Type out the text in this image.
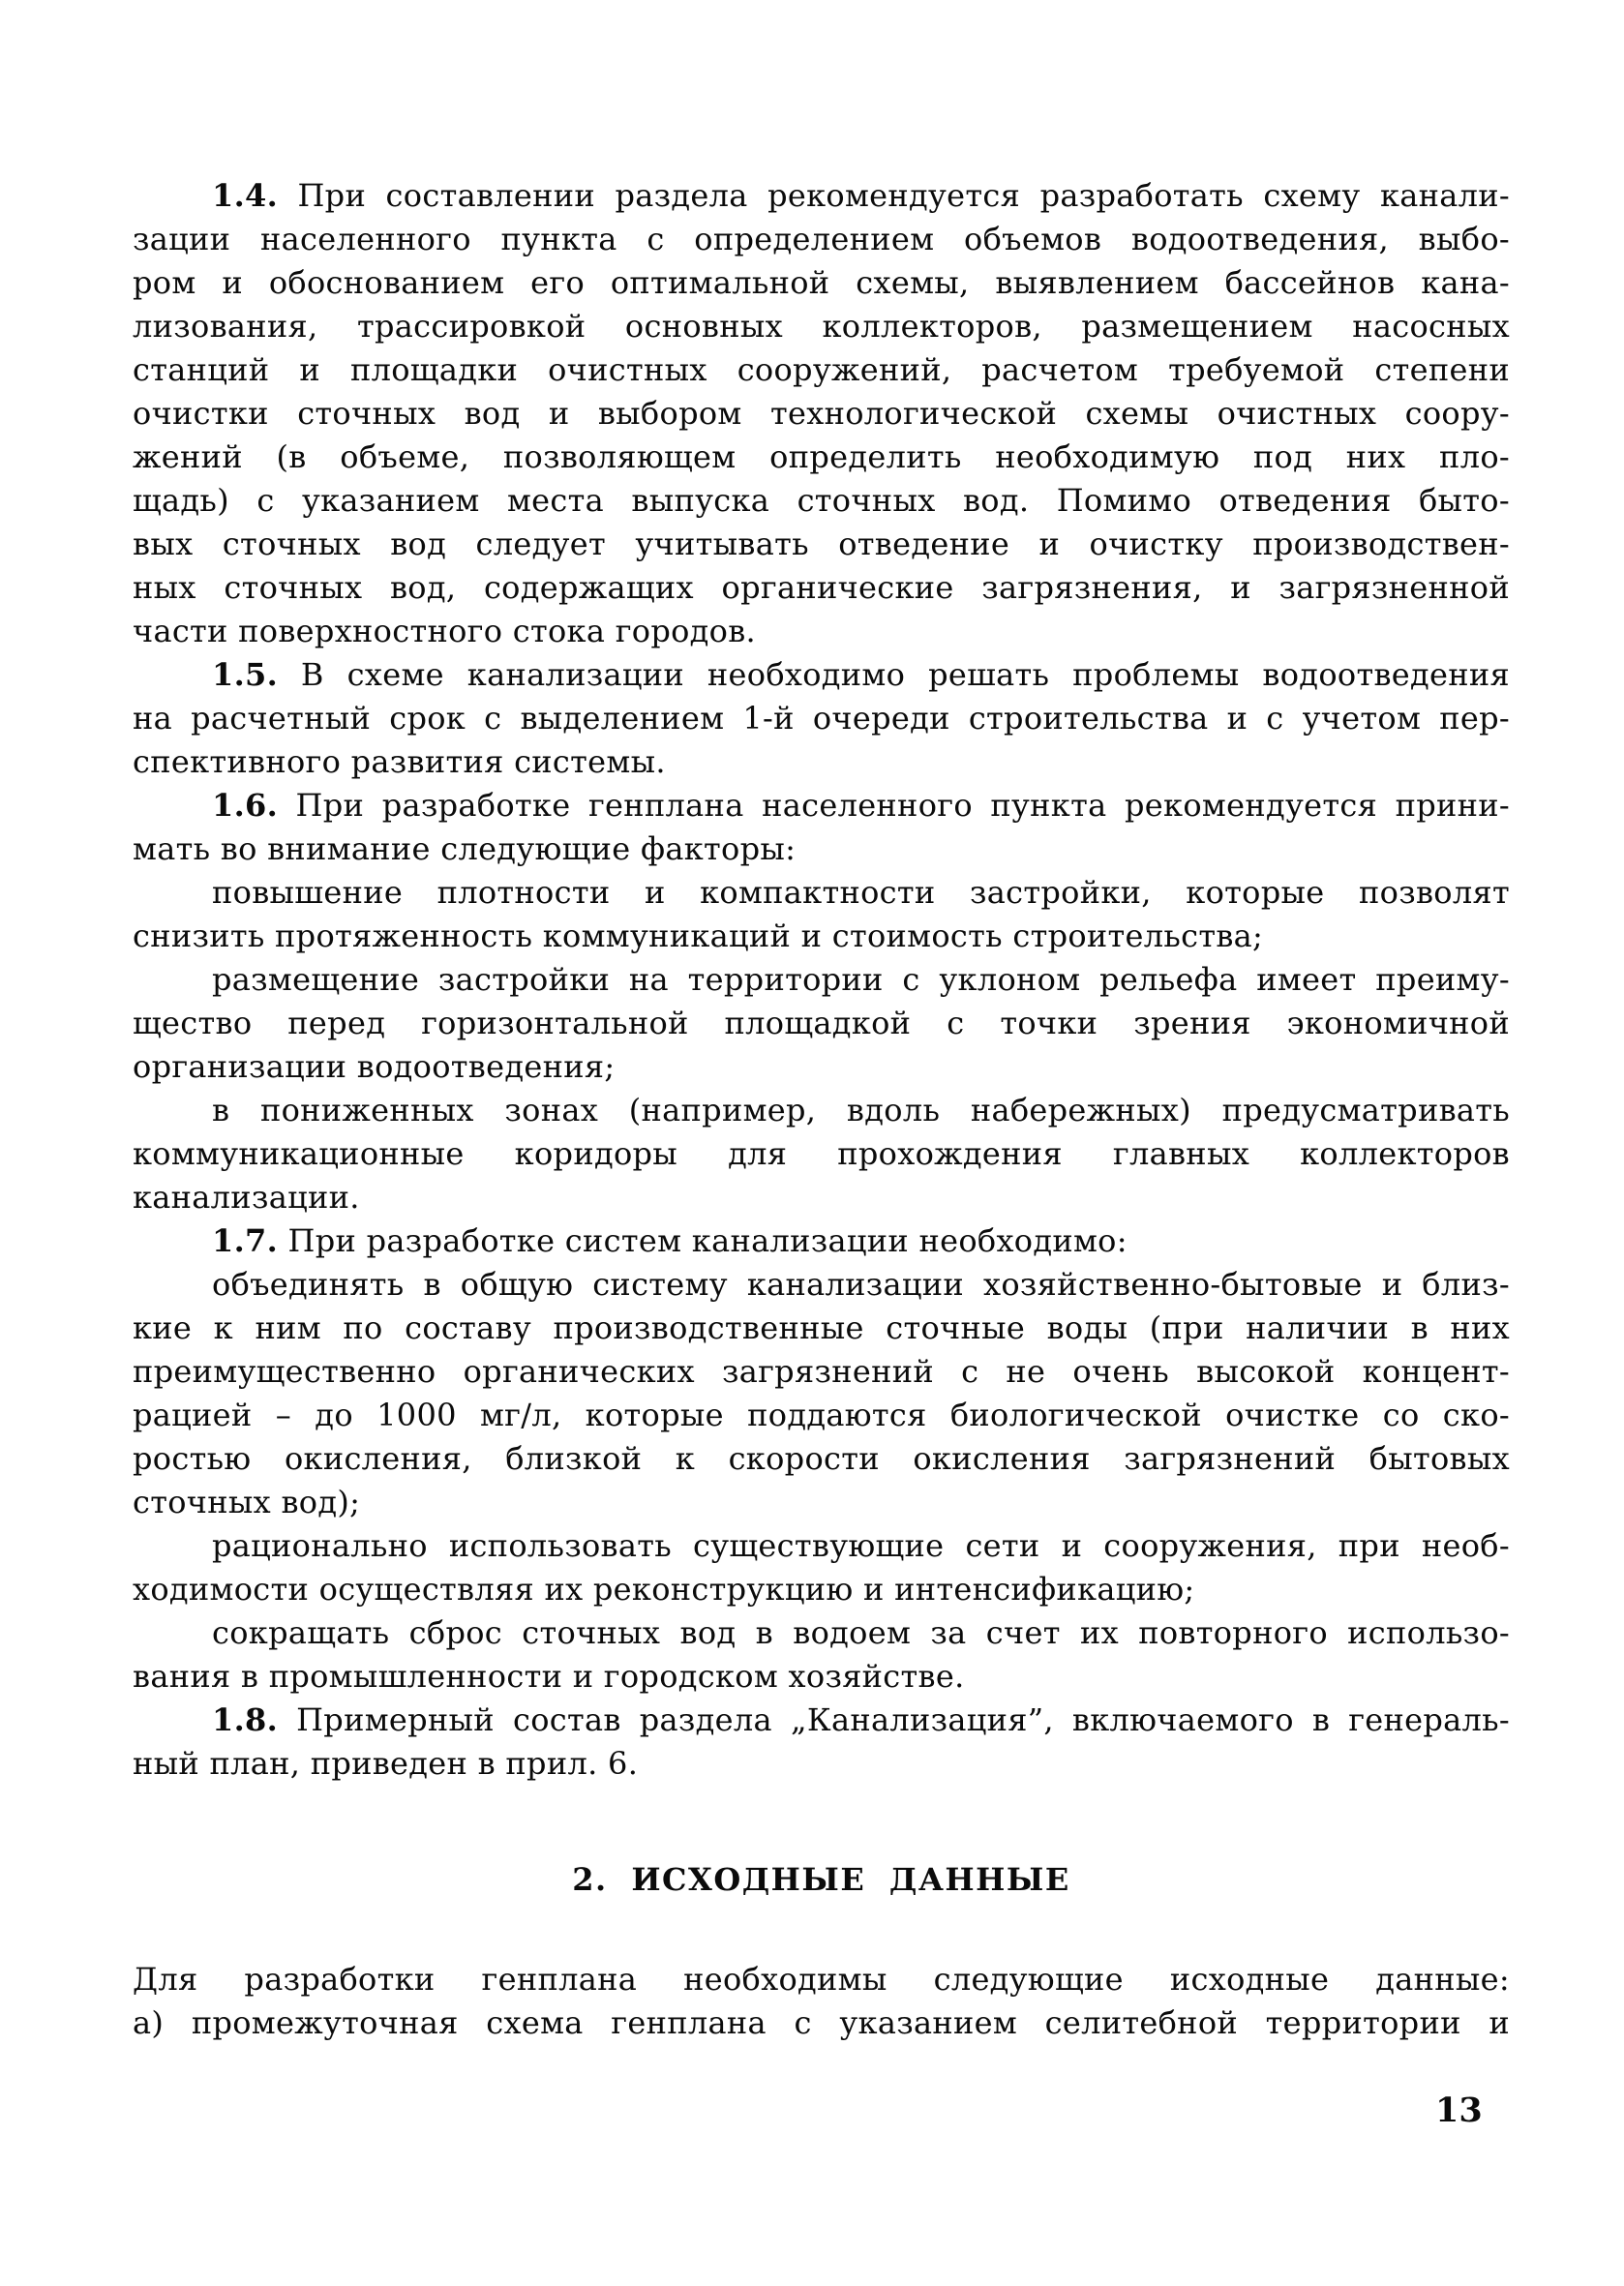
1.4. При составлении раздела рекомендуется разработать схему канали-
зации населенного пункта с определением объемов водоотведения, выбо-
ром и обоснованием его оптимальной схемы, выявлением бассейнов кана-
лизования, трассировкой основных коллекторов, размещением насосных
станций и площадки очистных сооружений, расчетом требуемой степени
очистки сточных вод и выбором технологической схемы очистных соору-
жений (в объеме, позволяющем определить необходимую под них пло-
щадь) с указанием места выпуска сточных вод. Помимо отведения быто-
вых сточных вод следует учитывать отведение и очистку производствен-
ных сточных вод, содержащих органические загрязнения, и загрязненной
части поверхностного стока городов.
1.5. В схеме канализации необходимо решать проблемы водоотведения
на расчетный срок с выделением 1-й очереди строительства и с учетом пер-
спективного развития системы.
1.6. При разработке генплана населенного пункта рекомендуется прини-
мать во внимание следующие факторы:
повышение плотности и компактности застройки, которые позволят
снизить протяженность коммуникаций и стоимость строительства;
размещение застройки на территории с уклоном рельефа имеет преиму-
щество перед горизонтальной площадкой с точки зрения экономичной
организации водоотведения;
в пониженных зонах (например, вдоль набережных) предусматривать
коммуникационные коридоры для прохождения главных коллекторов
канализации.
1.7. При разработке систем канализации необходимо:
объединять в общую систему канализации хозяйственно-бытовые и близ-
кие к ним по составу производственные сточные воды (при наличии в них
преимущественно органических загрязнений с не очень высокой концент-
рацией – до 1000 мг/л, которые поддаются биологической очистке со ско-
ростью окисления, близкой к скорости окисления загрязнений бытовых
сточных вод);
рационально использовать существующие сети и сооружения, при необ-
ходимости осуществляя их реконструкцию и интенсификацию;
сокращать сброс сточных вод в водоем за счет их повторного использо-
вания в промышленности и городском хозяйстве.
1.8. Примерный состав раздела „Канализация”, включаемого в генераль-
ный план, приведен в прил. 6.
2. ИСХОДНЫЕ ДАННЫЕ
Для разработки генплана необходимы следующие исходные данные:
а) промежуточная схема генплана с указанием селитебной территории и
13
